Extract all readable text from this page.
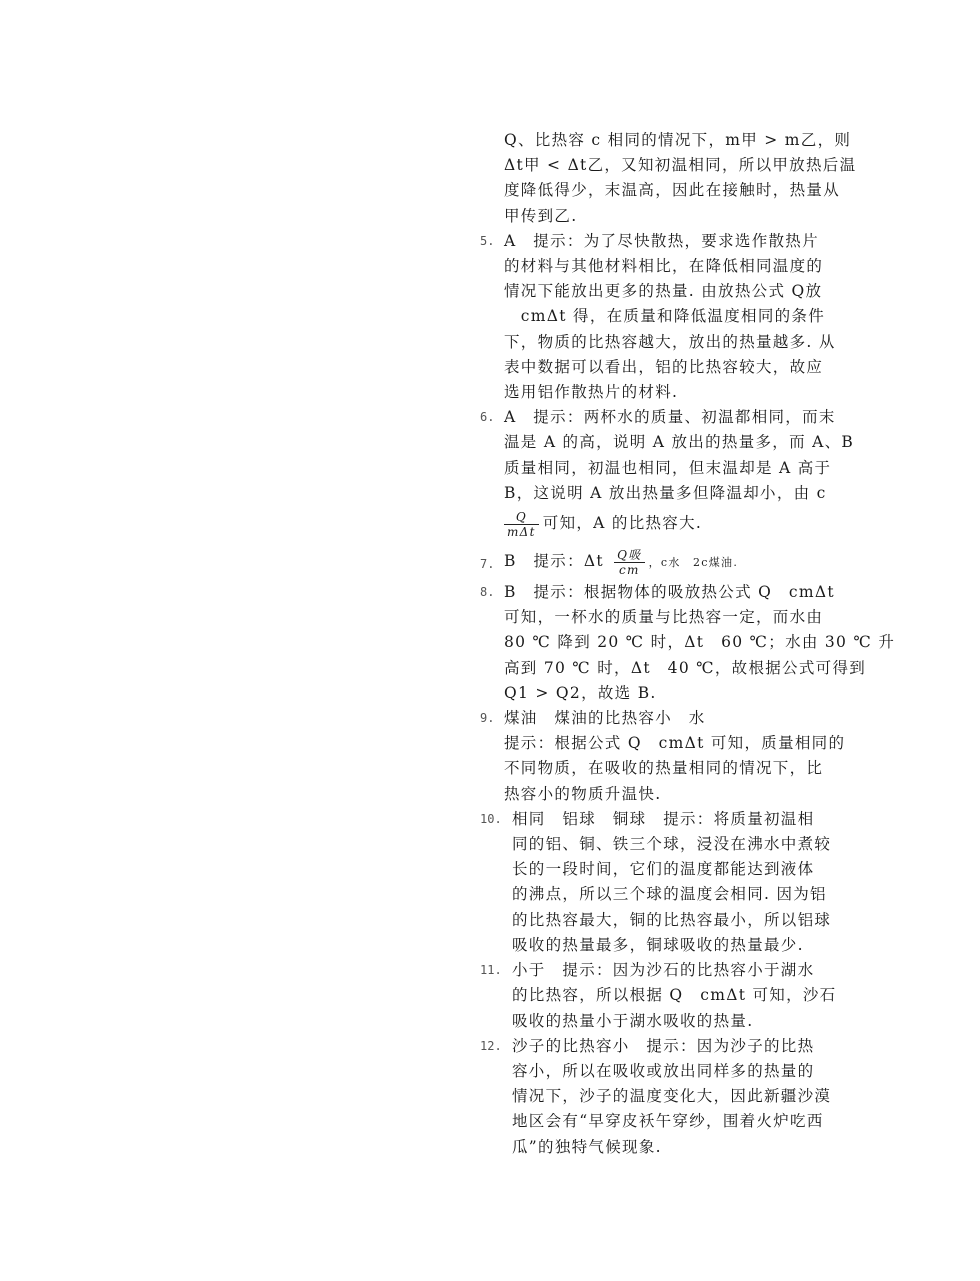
Q、比热容 c 相同的情况下，m甲 > m乙，则
Δt甲 < Δt乙，又知初温相同，所以甲放热后温
度降低得少，末温高，因此在接触时，热量从
甲传到乙.
5. A　提示：为了尽快散热，要求选作散热片
的材料与其他材料相比，在降低相同温度的
情况下能放出更多的热量. 由放热公式 Q放
　cmΔt 得，在质量和降低温度相同的条件
下，物质的比热容越大，放出的热量越多. 从
表中数据可以看出，铝的比热容较大，故应
选用铝作散热片的材料.
6. A　提示：两杯水的质量、初温都相同，而末
温是 A 的高，说明 A 放出的热量多，而 A、B
质量相同，初温也相同，但末温却是 A 高于
B，这说明 A 放出热量多但降温却小，由 c
$\frac{Q}{\text{mΔt}}$ 可知，A 的比热容大.
7. B　提示：Δt $\frac{\text{Q吸}}{cm}$ ，c水　2c煤油.
8. B　提示：根据物体的吸放热公式 Q　cmΔt
可知，一杯水的质量与比热容一定，而水由
80 ℃ 降到 20 ℃ 时，Δt　60 ℃；水由 30 ℃ 升
高到 70 ℃ 时，Δt　40 ℃，故根据公式可得到
Q1 > Q2，故选 B.
9. 煤油　煤油的比热容小　水
提示：根据公式 Q　cmΔt 可知，质量相同的
不同物质，在吸收的热量相同的情况下，比
热容小的物质升温快.
10. 相同　铝球　铜球　提示：将质量初温相
同的铝、铜、铁三个球，浸没在沸水中煮较
长的一段时间，它们的温度都能达到液体
的沸点，所以三个球的温度会相同. 因为铝
的比热容最大，铜的比热容最小，所以铝球
吸收的热量最多，铜球吸收的热量最少.
11. 小于　提示：因为沙石的比热容小于湖水
的比热容，所以根据 Q　cmΔt 可知，沙石
吸收的热量小于湖水吸收的热量.
12. 沙子的比热容小　提示：因为沙子的比热
容小，所以在吸收或放出同样多的热量的
情况下，沙子的温度变化大，因此新疆沙漠
地区会有“早穿皮袄午穿纱，围着火炉吃西
瓜”的独特气候现象.
